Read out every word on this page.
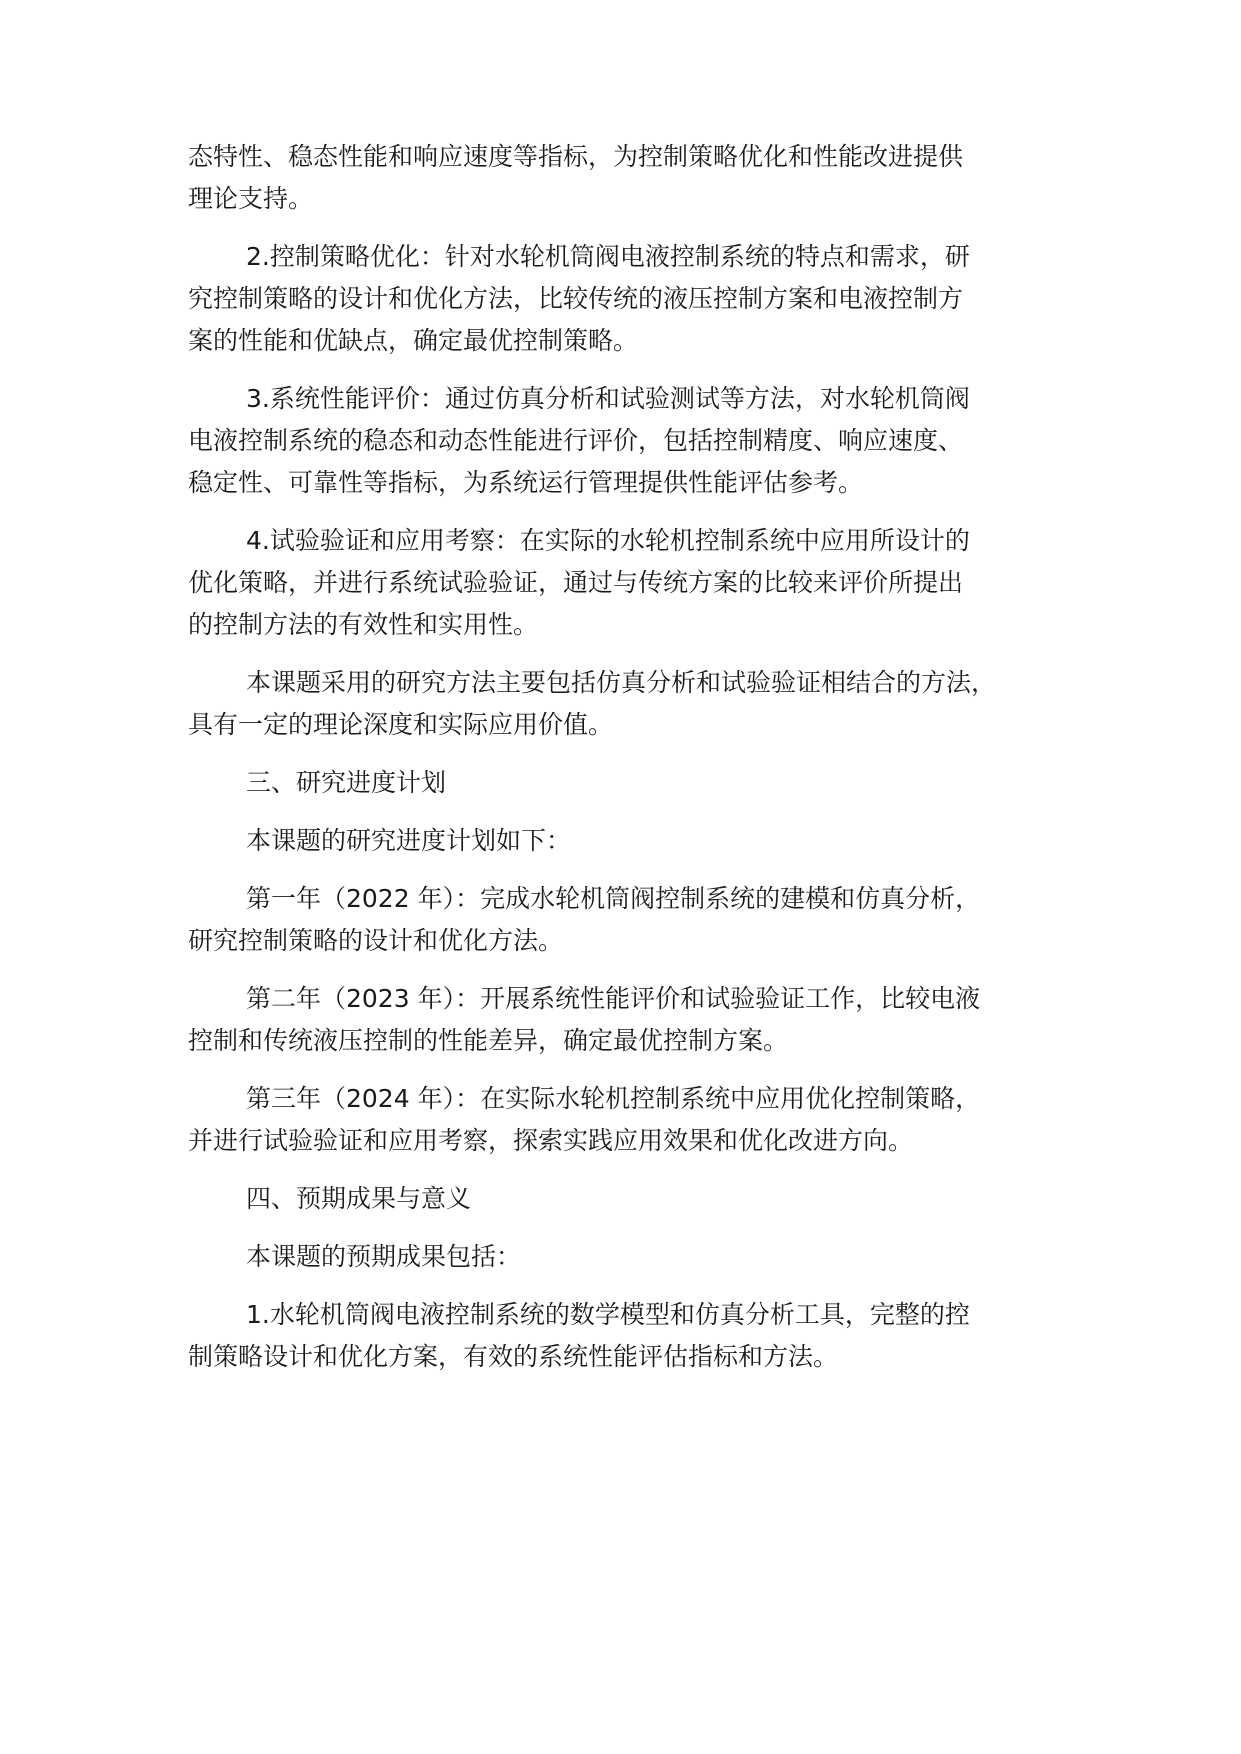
态特性、稳态性能和响应速度等指标，为控制策略优化和性能改进提供
理论支持。
2.控制策略优化：针对水轮机筒阀电液控制系统的特点和需求，研
究控制策略的设计和优化方法，比较传统的液压控制方案和电液控制方
案的性能和优缺点，确定最优控制策略。
3.系统性能评价：通过仿真分析和试验测试等方法，对水轮机筒阀
电液控制系统的稳态和动态性能进行评价，包括控制精度、响应速度、
稳定性、可靠性等指标，为系统运行管理提供性能评估参考。
4.试验验证和应用考察：在实际的水轮机控制系统中应用所设计的
优化策略，并进行系统试验验证，通过与传统方案的比较来评价所提出
的控制方法的有效性和实用性。
本课题采用的研究方法主要包括仿真分析和试验验证相结合的方法，
具有一定的理论深度和实际应用价值。
三、研究进度计划
本课题的研究进度计划如下：
第一年（2022 年）：完成水轮机筒阀控制系统的建模和仿真分析，
研究控制策略的设计和优化方法。
第二年（2023 年）：开展系统性能评价和试验验证工作，比较电液
控制和传统液压控制的性能差异，确定最优控制方案。
第三年（2024 年）：在实际水轮机控制系统中应用优化控制策略，
并进行试验验证和应用考察，探索实践应用效果和优化改进方向。
四、预期成果与意义
本课题的预期成果包括：
1.水轮机筒阀电液控制系统的数学模型和仿真分析工具，完整的控
制策略设计和优化方案，有效的系统性能评估指标和方法。
